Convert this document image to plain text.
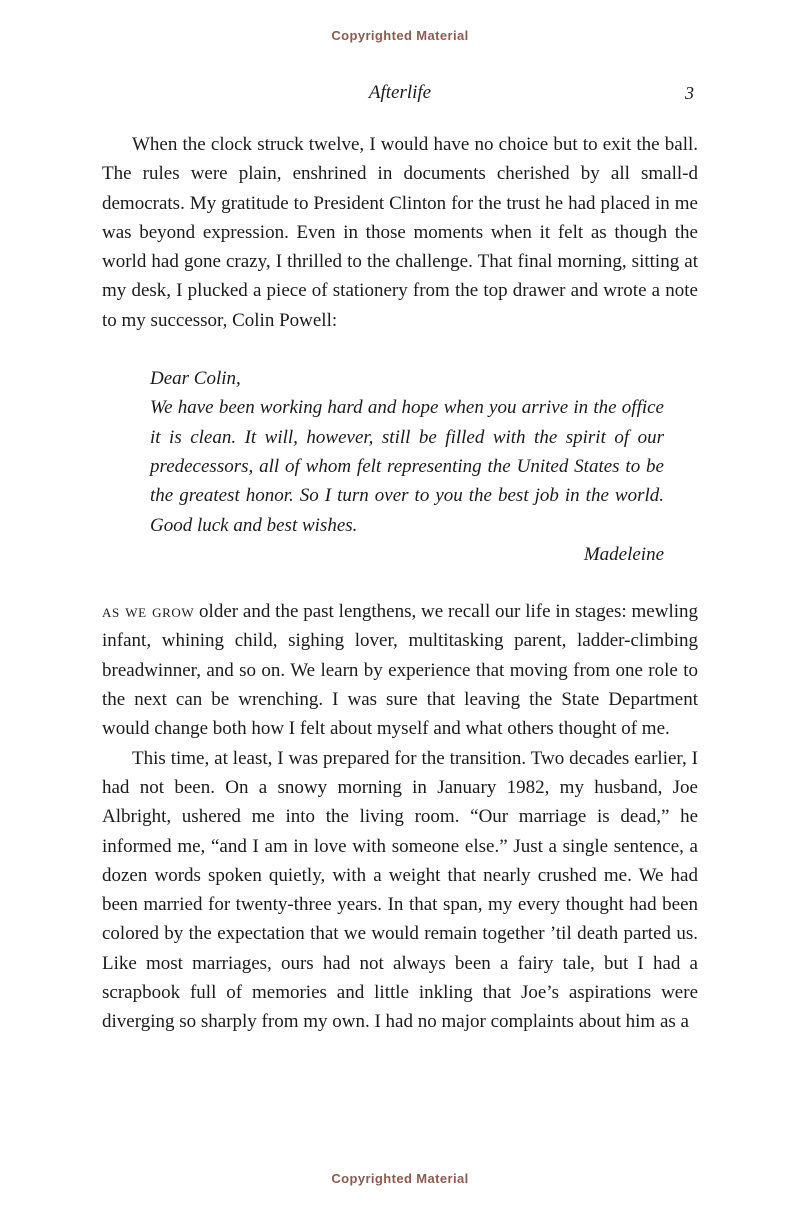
Copyrighted Material
Afterlife	3

When the clock struck twelve, I would have no choice but to exit the ball. The rules were plain, enshrined in documents cherished by all small-d democrats. My gratitude to President Clinton for the trust he had placed in me was beyond expression. Even in those moments when it felt as though the world had gone crazy, I thrilled to the challenge. That final morning, sitting at my desk, I plucked a piece of stationery from the top drawer and wrote a note to my successor, Colin Powell:

Dear Colin,

We have been working hard and hope when you arrive in the office it is clean. It will, however, still be filled with the spirit of our predecessors, all of whom felt representing the United States to be the greatest honor. So I turn over to you the best job in the world. Good luck and best wishes.

Madeleine

as we grow older and the past lengthens, we recall our life in stages: mewling infant, whining child, sighing lover, multitasking parent, ladder-climbing breadwinner, and so on. We learn by experience that moving from one role to the next can be wrenching. I was sure that leaving the State Department would change both how I felt about myself and what others thought of me.

This time, at least, I was prepared for the transition. Two decades earlier, I had not been. On a snowy morning in January 1982, my husband, Joe Albright, ushered me into the living room. “Our marriage is dead,” he informed me, “and I am in love with someone else.” Just a single sentence, a dozen words spoken quietly, with a weight that nearly crushed me. We had been married for twenty-three years. In that span, my every thought had been colored by the expectation that we would remain together ’til death parted us. Like most marriages, ours had not always been a fairy tale, but I had a scrapbook full of memories and little inkling that Joe’s aspirations were diverging so sharply from my own. I had no major complaints about him as a

Copyrighted Material
